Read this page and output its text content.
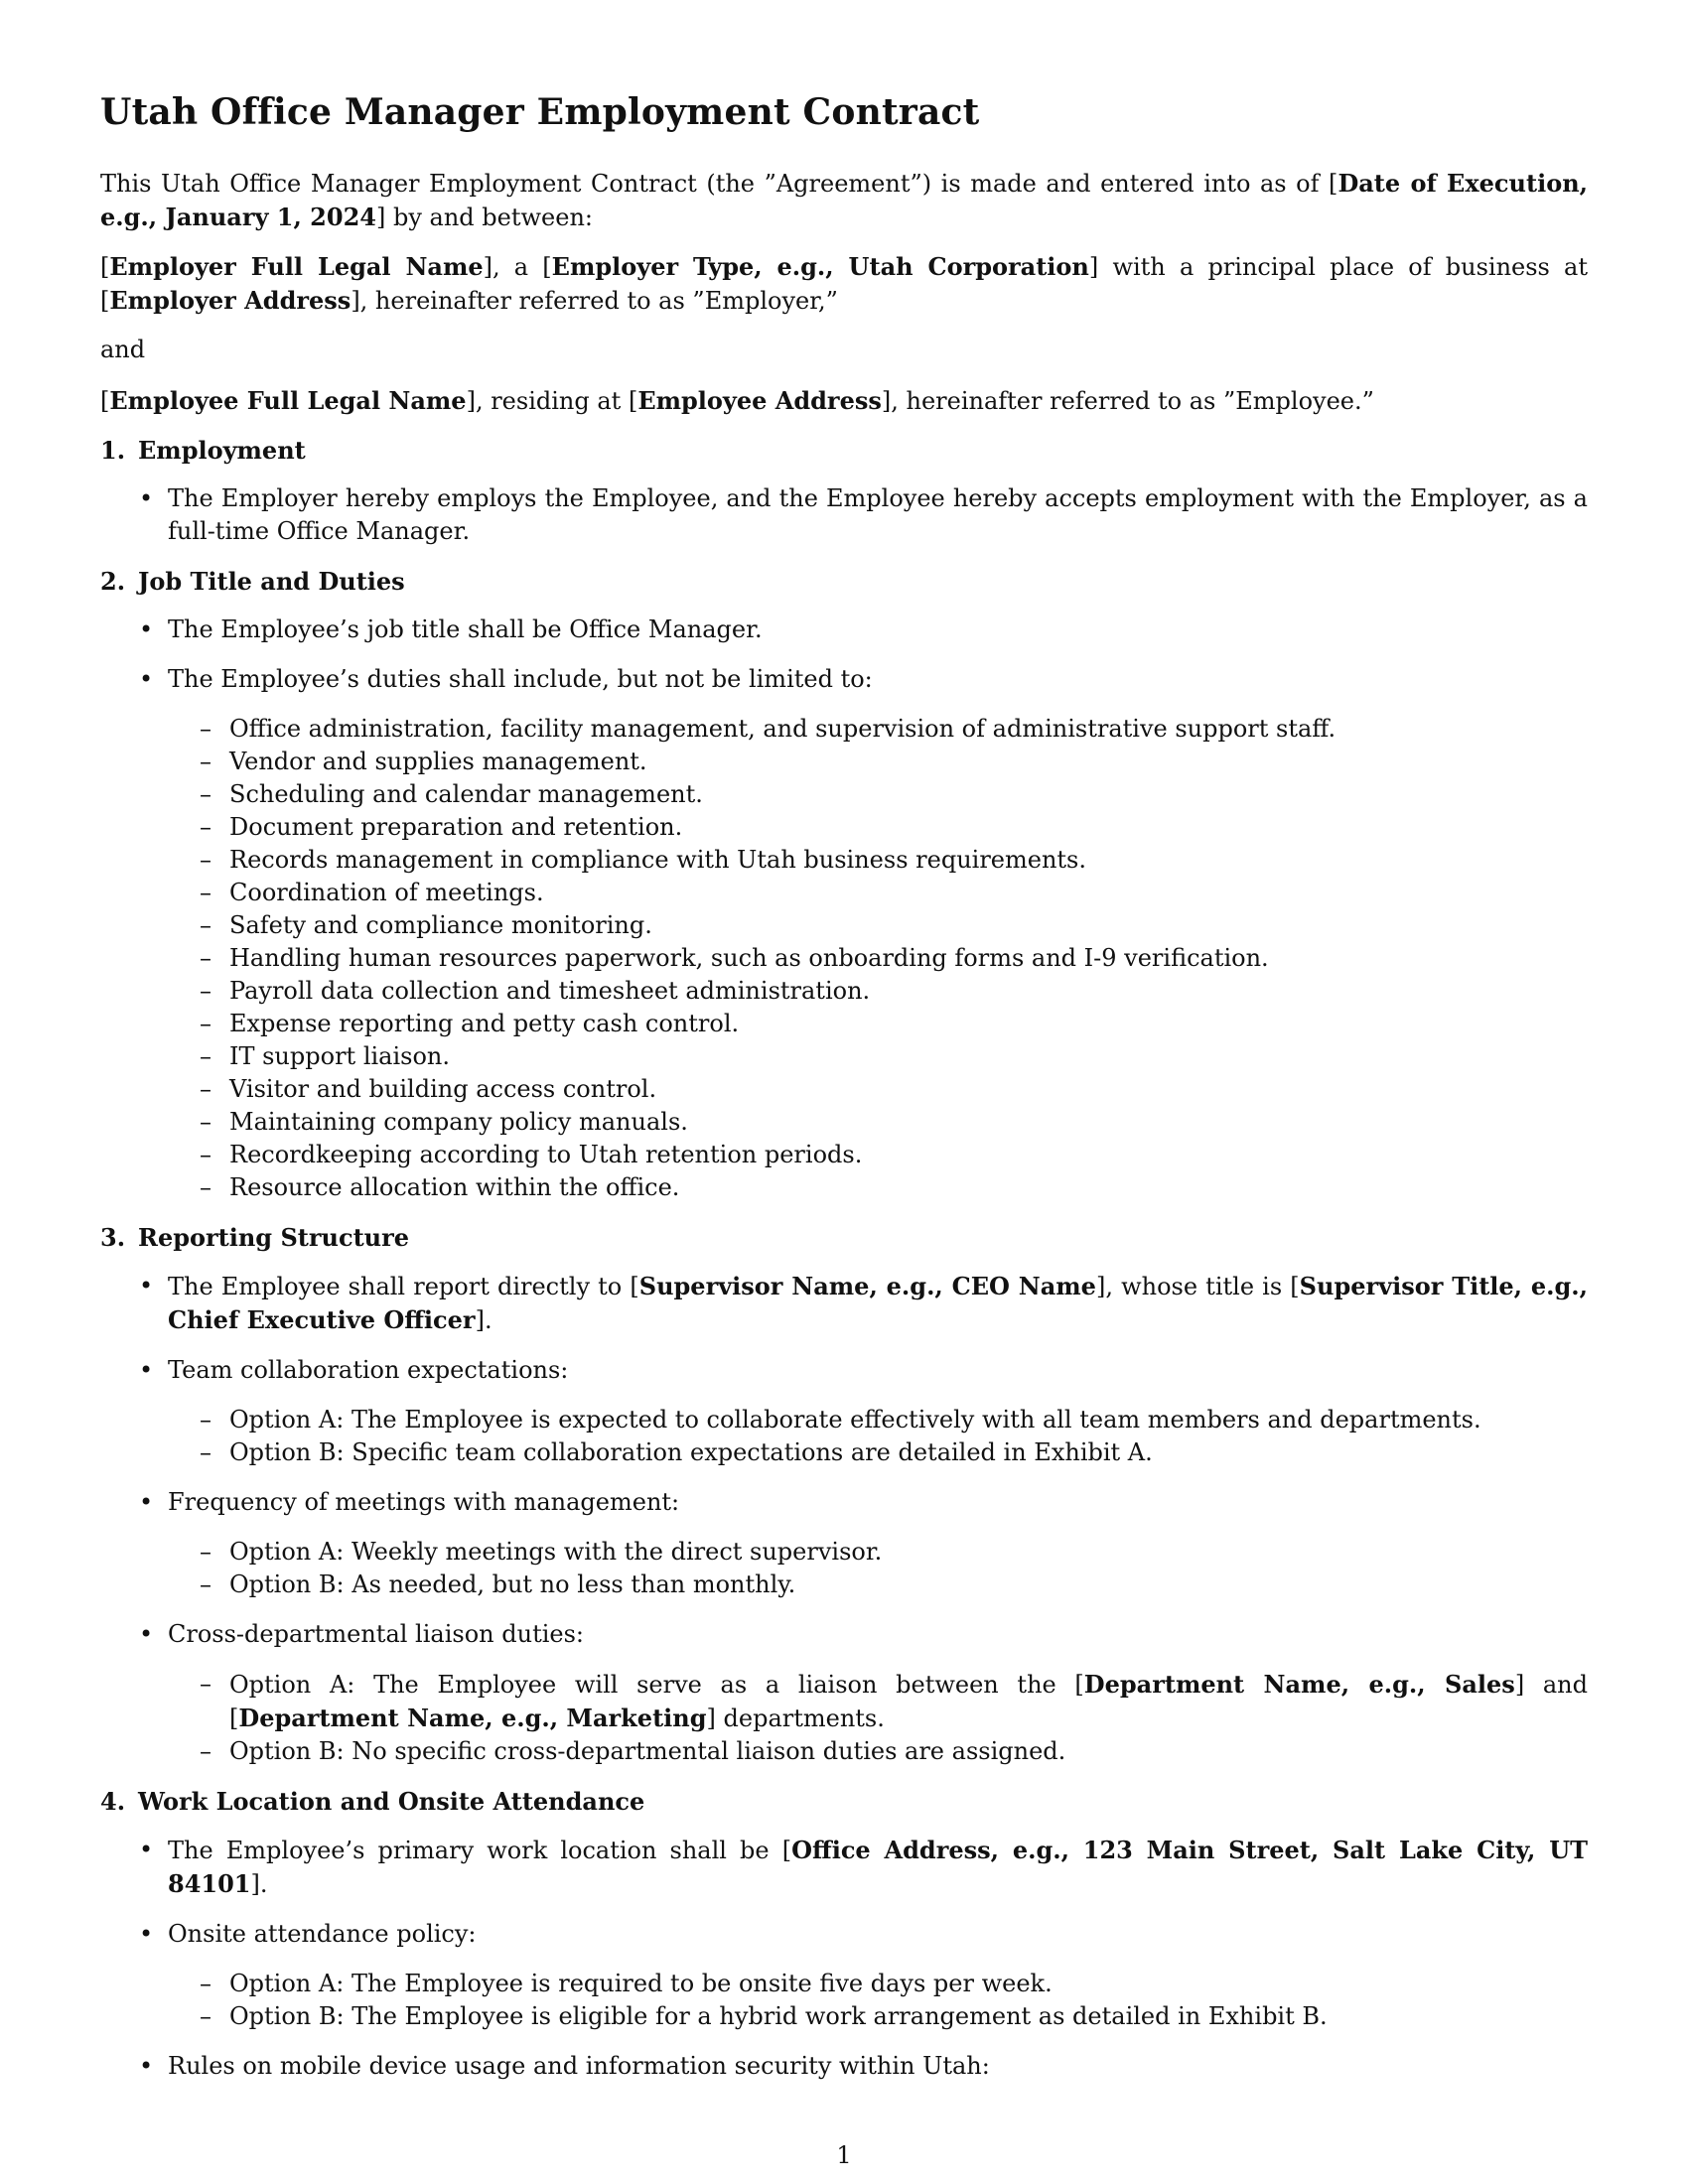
Utah Office Manager Employment Contract

This Utah Office Manager Employment Contract (the ”Agreement”) is made and entered into as of [Date of Execution, e.g., January 1, 2024] by and between:

[Employer Full Legal Name], a [Employer Type, e.g., Utah Corporation] with a principal place of business at [Employer Address], hereinafter referred to as ”Employer,”

and

[Employee Full Legal Name], residing at [Employee Address], hereinafter referred to as ”Employee.”

1. Employment
• The Employer hereby employs the Employee, and the Employee hereby accepts employment with the Employer, as a full-time Office Manager.
2. Job Title and Duties
• The Employee’s job title shall be Office Manager.
• The Employee’s duties shall include, but not be limited to:
– Office administration, facility management, and supervision of administrative support staff.
– Vendor and supplies management.
– Scheduling and calendar management.
– Document preparation and retention.
– Records management in compliance with Utah business requirements.
– Coordination of meetings.
– Safety and compliance monitoring.
– Handling human resources paperwork, such as onboarding forms and I-9 verification.
– Payroll data collection and timesheet administration.
– Expense reporting and petty cash control.
– IT support liaison.
– Visitor and building access control.
– Maintaining company policy manuals.
– Recordkeeping according to Utah retention periods.
– Resource allocation within the office.
3. Reporting Structure
• The Employee shall report directly to [Supervisor Name, e.g., CEO Name], whose title is [Supervisor Title, e.g., Chief Executive Officer].
• Team collaboration expectations:
– Option A: The Employee is expected to collaborate effectively with all team members and departments.
– Option B: Specific team collaboration expectations are detailed in Exhibit A.
• Frequency of meetings with management:
– Option A: Weekly meetings with the direct supervisor.
– Option B: As needed, but no less than monthly.
• Cross-departmental liaison duties:
– Option A: The Employee will serve as a liaison between the [Department Name, e.g., Sales] and [Department Name, e.g., Marketing] departments.
– Option B: No specific cross-departmental liaison duties are assigned.
4. Work Location and Onsite Attendance
• The Employee’s primary work location shall be [Office Address, e.g., 123 Main Street, Salt Lake City, UT 84101].
• Onsite attendance policy:
– Option A: The Employee is required to be onsite five days per week.
– Option B: The Employee is eligible for a hybrid work arrangement as detailed in Exhibit B.
• Rules on mobile device usage and information security within Utah:
1
